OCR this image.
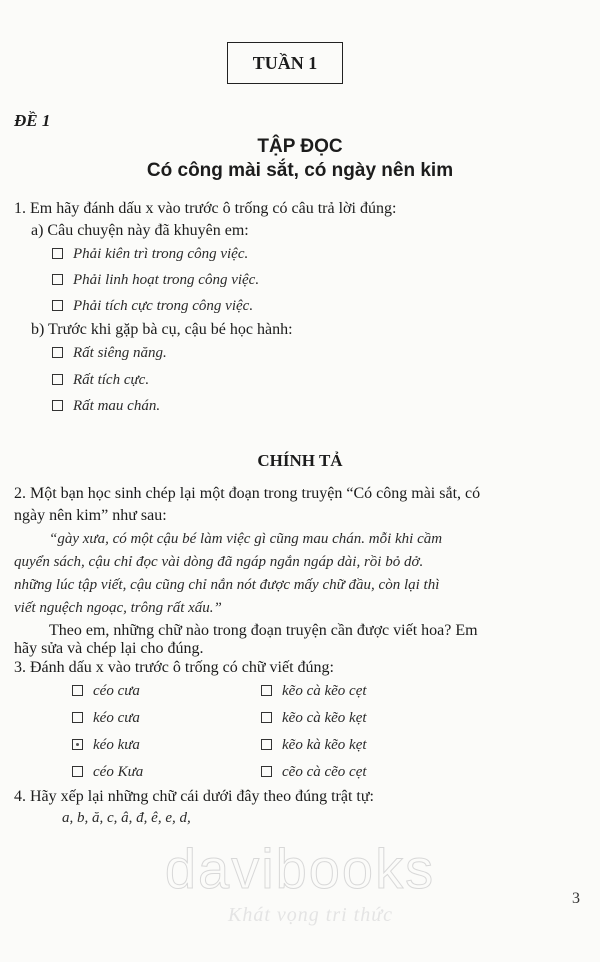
TUẦN 1
ĐỀ 1
TẬP ĐỌC
Có công mài sắt, có ngày nên kim
1. Em hãy đánh dấu x vào trước ô trống có câu trả lời đúng:
a) Câu chuyện này đã khuyên em:
Phải kiên trì trong công việc.
Phải linh hoạt trong công việc.
Phải tích cực trong công việc.
b) Trước khi gặp bà cụ, cậu bé học hành:
Rất siêng năng.
Rất tích cực.
Rất mau chán.
CHÍNH TẢ
2. Một bạn học sinh chép lại một đoạn trong truyện “Có công mài sắt, có
ngày nên kim” như sau:
“gày xưa, có một cậu bé làm việc gì cũng mau chán. mỗi khi cầm
quyển sách, cậu chỉ đọc vài dòng đã ngáp ngắn ngáp dài, rồi bỏ dở.
những lúc tập viết, cậu cũng chỉ nắn nót được mấy chữ đầu, còn lại thì
viết nguệch ngoạc, trông rất xấu.”
Theo em, những chữ nào trong đoạn truyện cần được viết hoa? Em
hãy sửa và chép lại cho đúng.
3. Đánh dấu x vào trước ô trống có chữ viết đúng:
céo cưa
kéo cưa
kéo kưa
céo Kưa
kẽo cà kẽo cẹt
kẽo cà kẽo kẹt
kẽo kà kẽo kẹt
cẽo cà cẽo cẹt
4. Hãy xếp lại những chữ cái dưới đây theo đúng trật tự:
a, b, ă, c, â, đ, ê, e, d,
davibooks
Khát vọng tri thức
3
